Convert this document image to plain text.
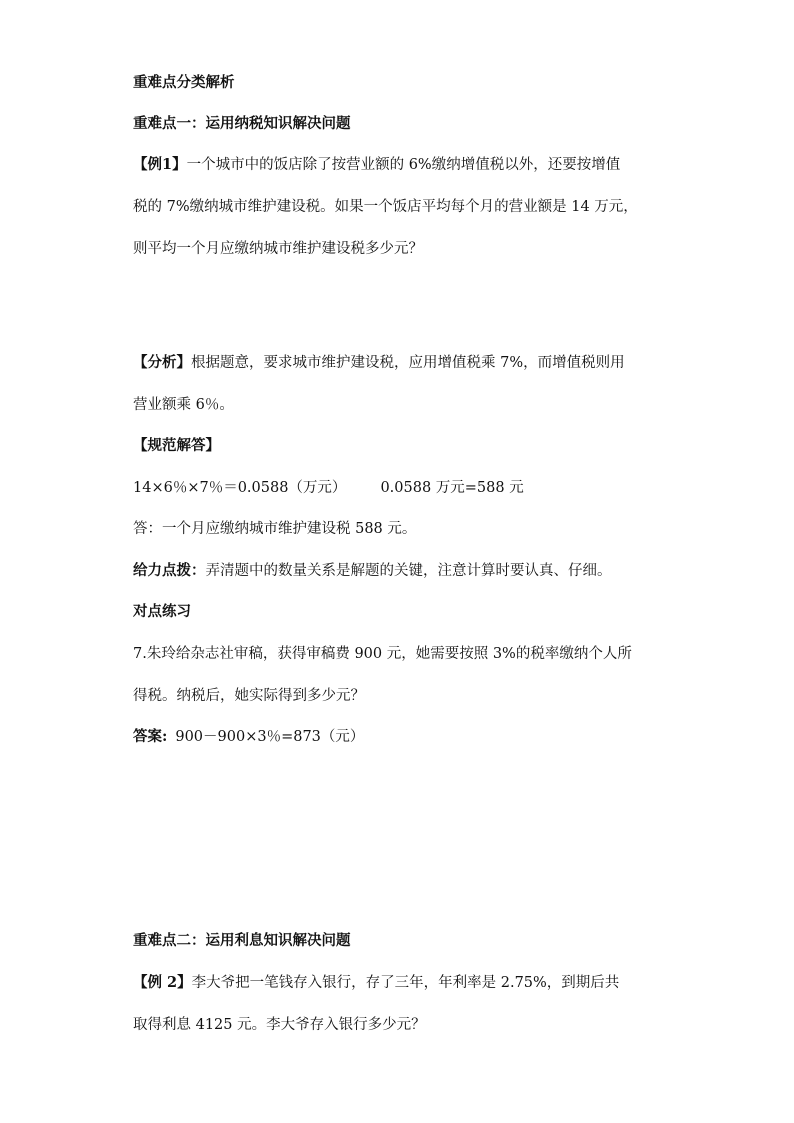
重难点分类解析
重难点一：运用纳税知识解决问题
【例1】一个城市中的饭店除了按营业额的 6%缴纳增值税以外，还要按增值
税的 7%缴纳城市维护建设税。如果一个饭店平均每个月的营业额是 14 万元，
则平均一个月应缴纳城市维护建设税多少元？
【分析】根据题意，要求城市维护建设税，应用增值税乘 7%，而增值税则用
营业额乘 6％。
【规范解答】
14×6％×7％＝0.0588（万元） 0.0588 万元=588 元
答：一个月应缴纳城市维护建设税 588 元。
给力点拨：弄清题中的数量关系是解题的关键，注意计算时要认真、仔细。
对点练习
7.朱玲给杂志社审稿，获得审稿费 900 元，她需要按照 3%的税率缴纳个人所
得税。纳税后，她实际得到多少元？
答案: 900－900×3％=873（元）
重难点二：运用利息知识解决问题
【例 2】李大爷把一笔钱存入银行，存了三年，年利率是 2.75%，到期后共
取得利息 4125 元。李大爷存入银行多少元？
